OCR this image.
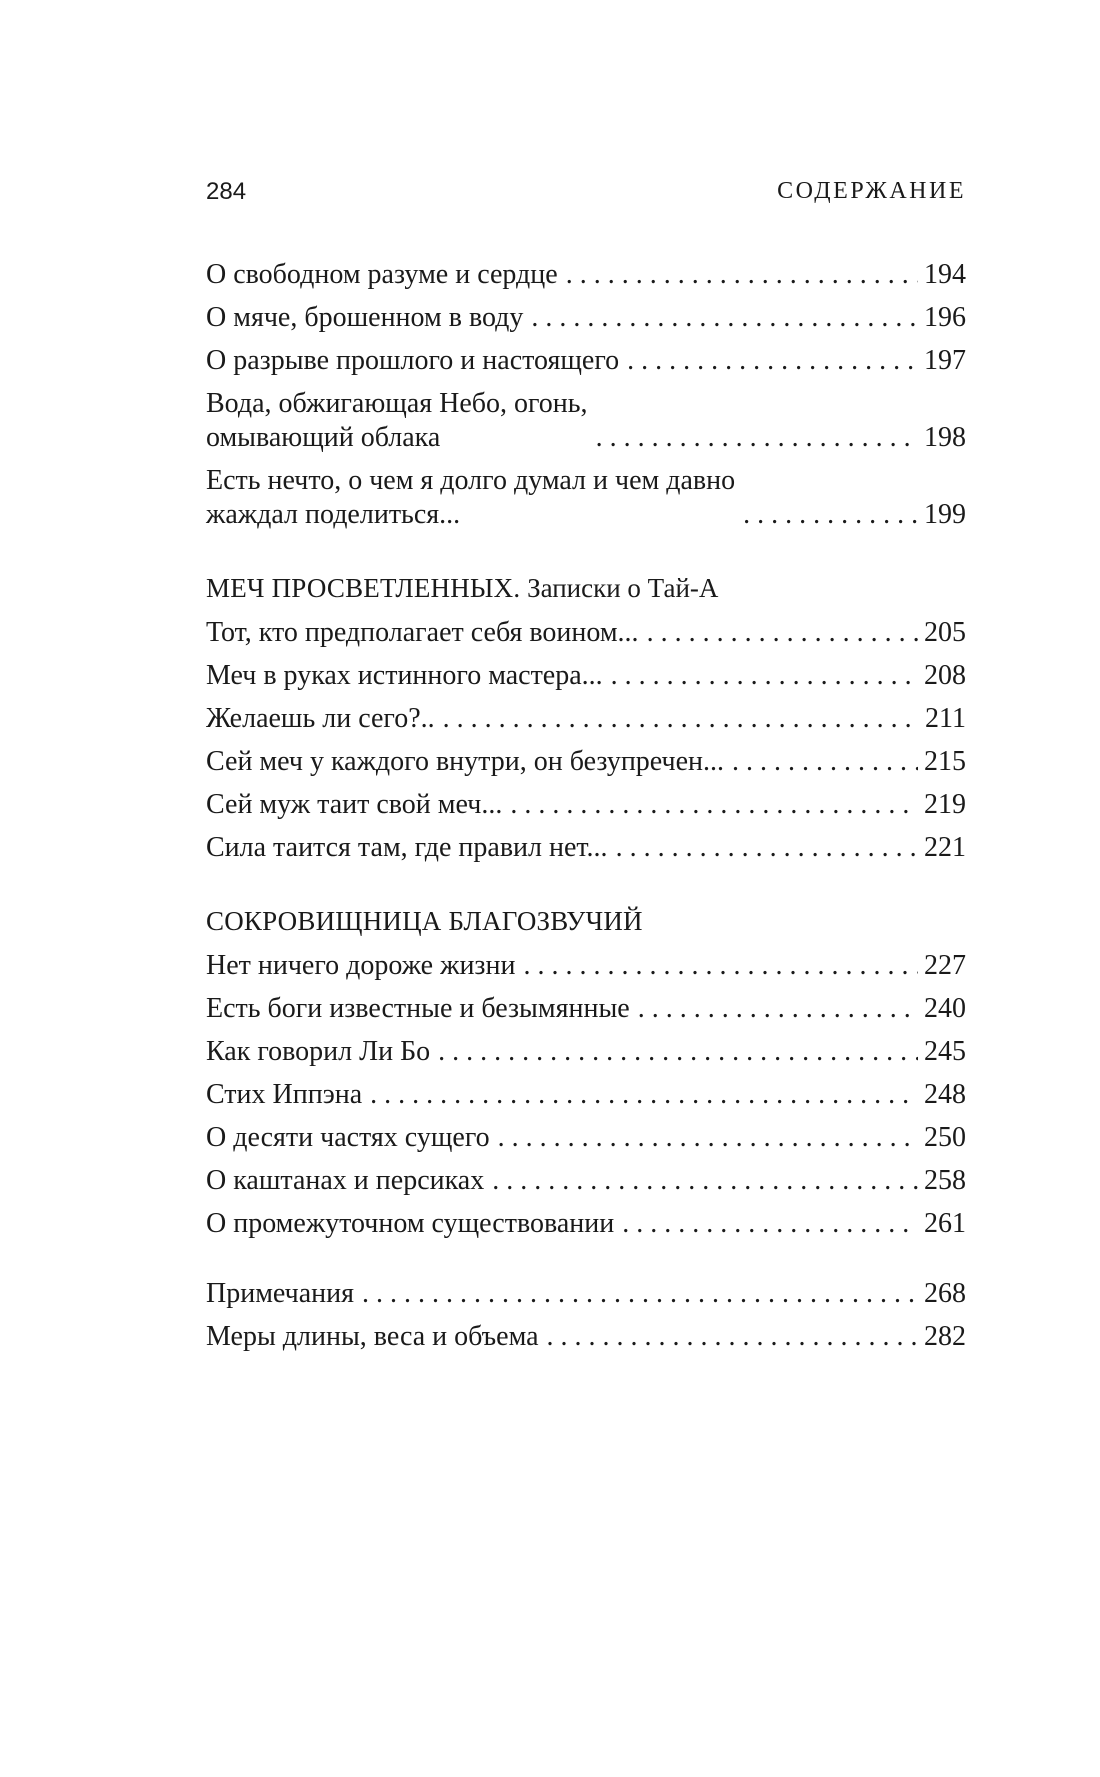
284	СОДЕРЖАНИЕ
О свободном разуме и сердце . . .	194
О мяче, брошенном в воду . . .	196
О разрыве прошлого и настоящего . . .	197
Вода, обжигающая Небо, огонь,
омывающий облака . . .	198
Есть нечто, о чем я долго думал и чем давно
жаждал поделиться... . . .	199
МЕЧ ПРОСВЕТЛЕННЫХ. Записки о Тай-А
Тот, кто предполагает себя воином... . . .	205
Меч в руках истинного мастера... . . .	208
Желаешь ли сего?.. . . .	211
Сей меч у каждого внутри, он безупречен... . . .	215
Сей муж таит свой меч... . . .	219
Сила таится там, где правил нет... . . .	221
СОКРОВИЩНИЦА БЛАГОЗВУЧИЙ
Нет ничего дороже жизни . . .	227
Есть боги известные и безымянные . . .	240
Как говорил Ли Бо . . .	245
Стих Иппэна . . .	248
О десяти частях сущего . . .	250
О каштанах и персиках . . .	258
О промежуточном существовании . . .	261
Примечания . . .	268
Меры длины, веса и объема . . .	282
